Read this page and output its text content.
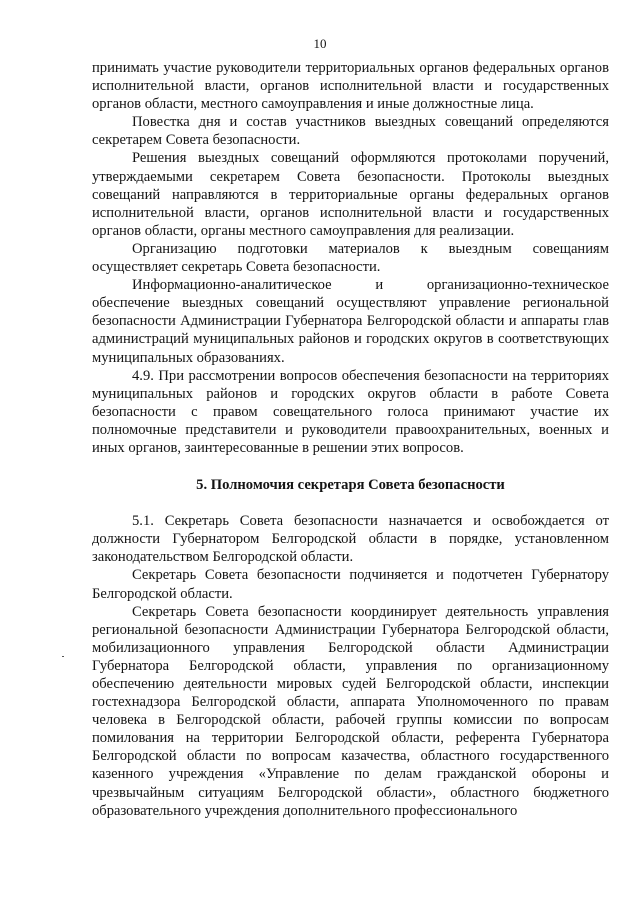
10

принимать участие руководители территориальных органов федеральных органов исполнительной власти, органов исполнительной власти и государственных органов области, местного самоуправления и иные должностные лица.

Повестка дня и состав участников выездных совещаний определяются секретарем Совета безопасности.

Решения выездных совещаний оформляются протоколами поручений, утверждаемыми секретарем Совета безопасности. Протоколы выездных совещаний направляются в территориальные органы федеральных органов исполнительной власти, органов исполнительной власти и государственных органов области, органы местного самоуправления для реализации.

Организацию подготовки материалов к выездным совещаниям осуществляет секретарь Совета безопасности.

Информационно-аналитическое и организационно-техническое обеспечение выездных совещаний осуществляют управление региональной безопасности Администрации Губернатора Белгородской области и аппараты глав администраций муниципальных районов и городских округов в соответствующих муниципальных образованиях.

4.9. При рассмотрении вопросов обеспечения безопасности на территориях муниципальных районов и городских округов области в работе Совета безопасности с правом совещательного голоса принимают участие их полномочные представители и руководители правоохранительных, военных и иных органов, заинтересованные в решении этих вопросов.

5. Полномочия секретаря Совета безопасности

5.1. Секретарь Совета безопасности назначается и освобождается от должности Губернатором Белгородской области в порядке, установленном законодательством Белгородской области.

Секретарь Совета безопасности подчиняется и подотчетен Губернатору Белгородской области.

Секретарь Совета безопасности координирует деятельность управления региональной безопасности Администрации Губернатора Белгородской области, мобилизационного управления Белгородской области Администрации Губернатора Белгородской области, управления по организационному обеспечению деятельности мировых судей Белгородской области, инспекции гостехнадзора Белгородской области, аппарата Уполномоченного по правам человека в Белгородской области, рабочей группы комиссии по вопросам помилования на территории Белгородской области, референта Губернатора Белгородской области по вопросам казачества, областного государственного казенного учреждения «Управление по делам гражданской обороны и чрезвычайным ситуациям Белгородской области», областного бюджетного образовательного учреждения дополнительного профессионального
